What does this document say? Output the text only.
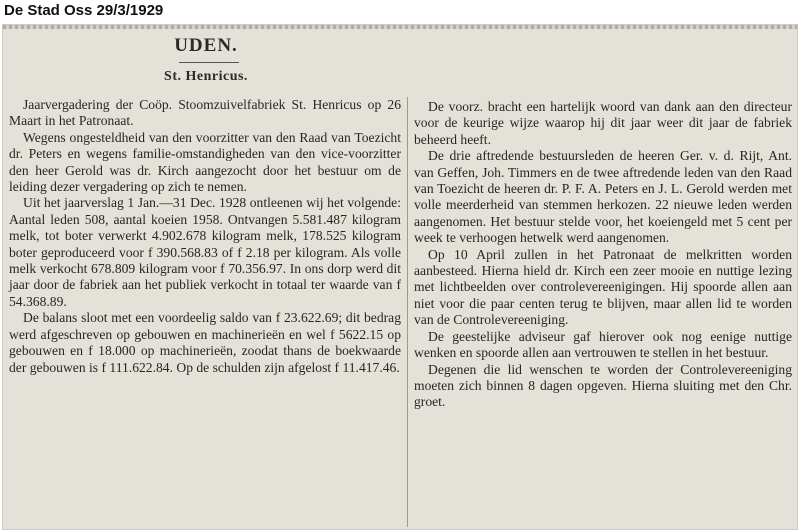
De Stad Oss 29/3/1929
UDEN.
St. Henricus.

Jaarvergadering der Coöp. Stoomzuivelfabriek St. Henricus op 26 Maart in het Patronaat.

Wegens ongesteldheid van den voorzitter van den Raad van Toezicht dr. Peters en wegens familie-omstandigheden van den vice-voorzitter den heer Gerold was dr. Kirch aangezocht door het bestuur om de leiding dezer vergadering op zich te nemen.

Uit het jaarverslag 1 Jan.—31 Dec. 1928 ontleenen wij het volgende: Aantal leden 508, aantal koeien 1958. Ontvangen 5.581.487 kilogram melk, tot boter verwerkt 4.902.678 kilogram melk, 178.525 kilogram boter geproduceerd voor f 390.568.83 of f 2.18 per kilogram. Als volle melk verkocht 678.809 kilogram voor f 70.356.97. In ons dorp werd dit jaar door de fabriek aan het publiek verkocht in totaal ter waarde van f 54.368.89.

De balans sloot met een voordeelig saldo van f 23.622.69; dit bedrag werd afgeschreven op gebouwen en machinerieën en wel f 5622.15 op gebouwen en f 18.000 op machinerieën, zoodat thans de boekwaarde der gebouwen is f 111.622.84. Op de schulden zijn afgelost f 11.417.46.

De voorz. bracht een hartelijk woord van dank aan den directeur voor de keurige wijze waarop hij dit jaar weer dit jaar de fabriek beheerd heeft.

De drie aftredende bestuursleden de heeren Ger. v. d. Rijt, Ant. van Geffen, Joh. Timmers en de twee aftredende leden van den Raad van Toezicht de heeren dr. P. F. A. Peters en J. L. Gerold werden met volle meerderheid van stemmen herkozen. 22 nieuwe leden werden aangenomen. Het bestuur stelde voor, het koeiengeld met 5 cent per week te verhoogen hetwelk werd aangenomen.

Op 10 April zullen in het Patronaat de melkritten worden aanbesteed. Hierna hield dr. Kirch een zeer mooie en nuttige lezing met lichtbeelden over controlevereenigingen. Hij spoorde allen aan niet voor die paar centen terug te blijven, maar allen lid te worden van de Controlevereeniging.

De geestelijke adviseur gaf hierover ook nog eenige nuttige wenken en spoorde allen aan vertrouwen te stellen in het bestuur.

Degenen die lid wenschen te worden der Controlevereeniging moeten zich binnen 8 dagen opgeven. Hierna sluiting met den Chr. groet.
